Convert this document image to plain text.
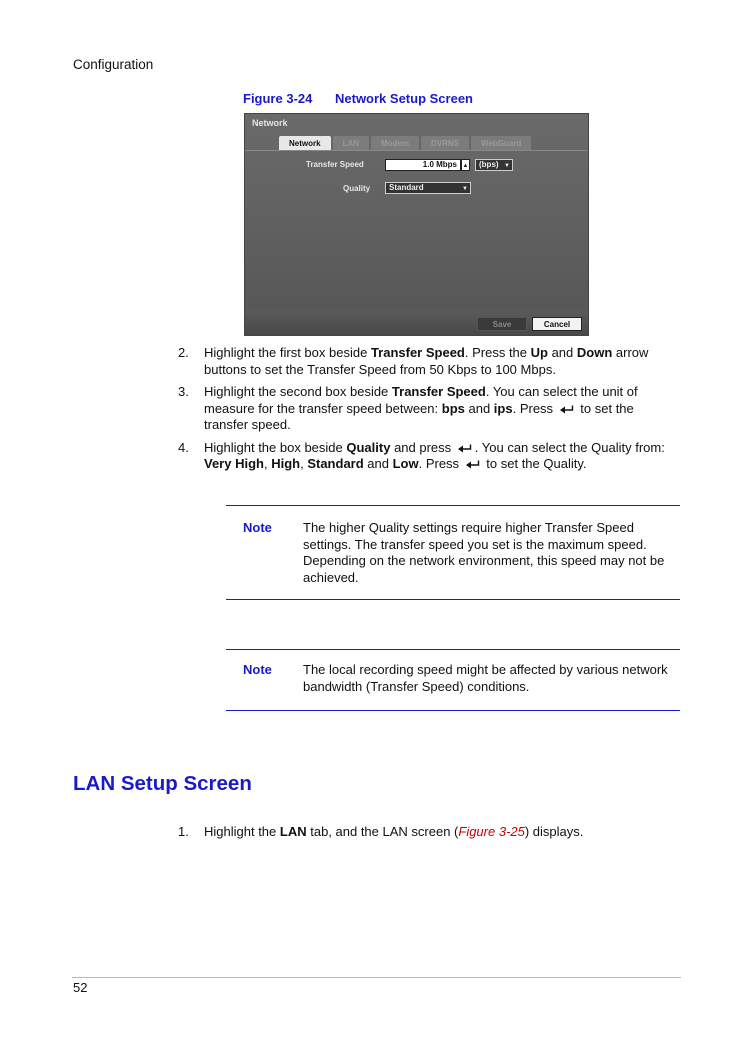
Configuration
Figure 3-24 Network Setup Screen
Network
Network	LAN	Modem	DVRNS	WebGuard
Transfer Speed	1.0 Mbps ▲	(bps) ▼
Quality	Standard	▼
Save	Cancel
2.	Highlight the first box beside Transfer Speed. Press the Up and Down arrow buttons to set the Transfer Speed from 50 Kbps to 100 Mbps.
3.	Highlight the second box beside Transfer Speed. You can select the unit of measure for the transfer speed between: bps and ips. Press  to set the transfer speed.
4.	Highlight the box beside Quality and press . You can select the Quality from: Very High, High, Standard and Low. Press  to set the Quality.
Note The higher Quality settings require higher Transfer Speed settings. The transfer speed you set is the maximum speed. Depending on the network environment, this speed may not be achieved.
Note The local recording speed might be affected by various network bandwidth (Transfer Speed) conditions.
LAN Setup Screen
1.	Highlight the LAN tab, and the LAN screen (Figure 3-25) displays.
52
